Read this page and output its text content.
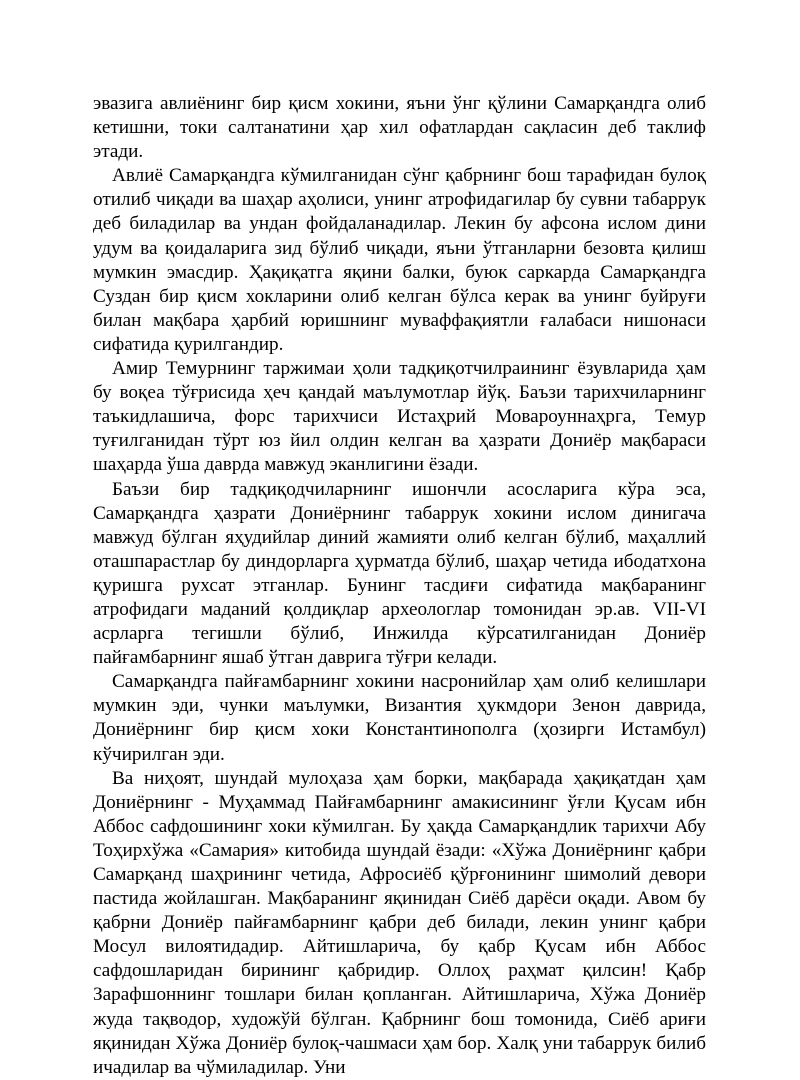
эвазига авлиёнинг бир қисм хокини, яъни ўнг қўлини Самарқандга олиб кетишни, токи салтанатини ҳар хил офатлардан сақласин деб таклиф этади.

Авлиё Самарқандга кўмилганидан сўнг қабрнинг бош тарафидан булоқ отилиб чиқади ва шаҳар аҳолиси, унинг атрофидагилар бу сувни табаррук деб биладилар ва ундан фойдаланадилар. Лекин бу афсона ислом дини удум ва қоидаларига зид бўлиб чиқади, яъни ўтганларни безовта қилиш мумкин эмасдир. Ҳақиқатга яқини балки, буюк саркарда Самарқандга Суздан бир қисм хокларини олиб келган бўлса керак ва унинг буйруғи билан мақбара ҳарбий юришнинг муваффақиятли ғалабаси нишонаси сифатида қурилгандир.

Амир Темурнинг таржимаи ҳоли тадқиқотчилраининг ёзувларида ҳам бу воқеа тўғрисида ҳеч қандай маълумотлар йўқ. Баъзи тарихчиларнинг таъкидлашича, форс тарихчиси Истаҳрий Мовароуннаҳрга, Темур туғилганидан тўрт юз йил олдин келган ва ҳазрати Дониёр мақбараси шаҳарда ўша даврда мавжуд эканлигини ёзади.

Баъзи бир тадқиқодчиларнинг ишончли асосларига кўра эса, Самарқандга ҳазрати Дониёрнинг табаррук хокини ислом динигача мавжуд бўлган яҳудийлар диний жамияти олиб келган бўлиб, маҳаллий оташпарастлар бу диндорларга ҳурматда бўлиб, шаҳар четида ибодатхона қуришга рухсат этганлар. Бунинг тасдиғи сифатида мақбаранинг атрофидаги маданий қолдиқлар археологлар томонидан эр.ав. VII-VI асрларга тегишли бўлиб, Инжилда кўрсатилганидан Дониёр пайғамбарнинг яшаб ўтган даврига тўғри келади.

Самарқандга пайғамбарнинг хокини насронийлар ҳам олиб келишлари мумкин эди, чунки маълумки, Византия ҳукмдори Зенон даврида, Дониёрнинг бир қисм хоки Константинополга (ҳозирги Истамбул) кўчирилган эди.

Ва ниҳоят, шундай мулоҳаза ҳам борки, мақбарада ҳақиқатдан ҳам Дониёрнинг - Муҳаммад Пайғамбарнинг амакисининг ўғли Қусам ибн Аббос сафдошининг хоки кўмилган. Бу ҳақда Самарқандлик тарихчи Абу Тоҳирхўжа «Самария» китобида шундай ёзади: «Хўжа Дониёрнинг қабри Самарқанд шаҳрининг четида, Афросиёб қўрғонининг шимолий девори пастида жойлашган. Мақбаранинг яқинидан Сиёб дарёси оқади. Авом бу қабрни Дониёр пайғамбарнинг қабри деб билади, лекин унинг қабри Мосул вилоятидадир. Айтишларича, бу қабр Қусам ибн Аббос сафдошларидан бирининг қабридир. Оллоҳ раҳмат қилсин! Қабр Зарафшоннинг тошлари билан қопланган. Айтишларича, Хўжа Дониёр жуда тақводор, художўй бўлган. Қабрнинг бош томонида, Сиёб ариғи яқинидан Хўжа Дониёр булоқ-чашмаси ҳам бор. Халқ уни табаррук билиб ичадилар ва чўмиладилар. Уни
